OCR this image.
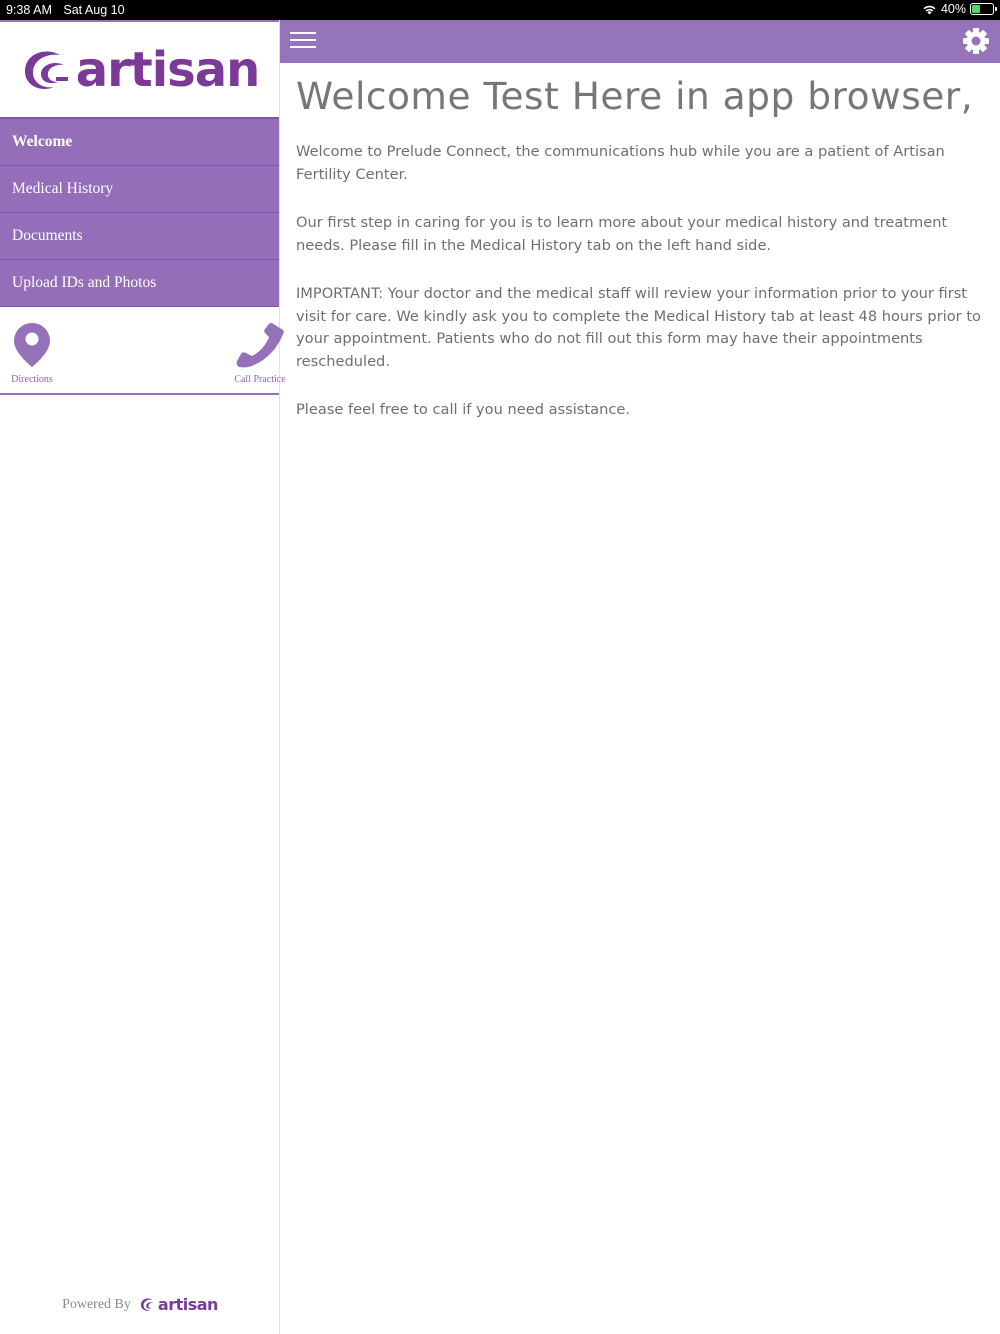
9:38 AM Sat Aug 10	40%
artisan
Welcome
Medical History
Documents
Upload IDs and Photos
Directions	Call Practice
Powered By artisan
Welcome Test Here in app browser,

Welcome to Prelude Connect, the communications hub while you are a patient of Artisan Fertility Center.

Our first step in caring for you is to learn more about your medical history and treatment needs. Please fill in the Medical History tab on the left hand side.

IMPORTANT: Your doctor and the medical staff will review your information prior to your first visit for care. We kindly ask you to complete the Medical History tab at least 48 hours prior to your appointment. Patients who do not fill out this form may have their appointments rescheduled.

Please feel free to call if you need assistance.
